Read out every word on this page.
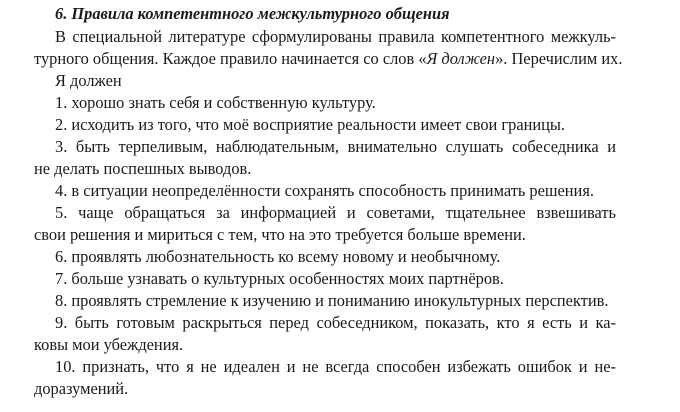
6. Правила компетентного межкультурного общения
В специальной литературе сформулированы правила компетентного межкуль-
турного общения. Каждое правило начинается со слов «Я должен». Перечислим их.
Я должен
1. хорошо знать себя и собственную культуру.
2. исходить из того, что моё восприятие реальности имеет свои границы.
3. быть терпеливым, наблюдательным, внимательно слушать собеседника и
не делать поспешных выводов.
4. в ситуации неопределённости сохранять способность принимать решения.
5. чаще обращаться за информацией и советами, тщательнее взвешивать
свои решения и мириться с тем, что на это требуется больше времени.
6. проявлять любознательность ко всему новому и необычному.
7. больше узнавать о культурных особенностях моих партнёров.
8. проявлять стремление к изучению и пониманию инокультурных перспектив.
9. быть готовым раскрыться перед собеседником, показать, кто я есть и ка-
ковы мои убеждения.
10. признать, что я не идеален и не всегда способен избежать ошибок и не-
доразумений.
